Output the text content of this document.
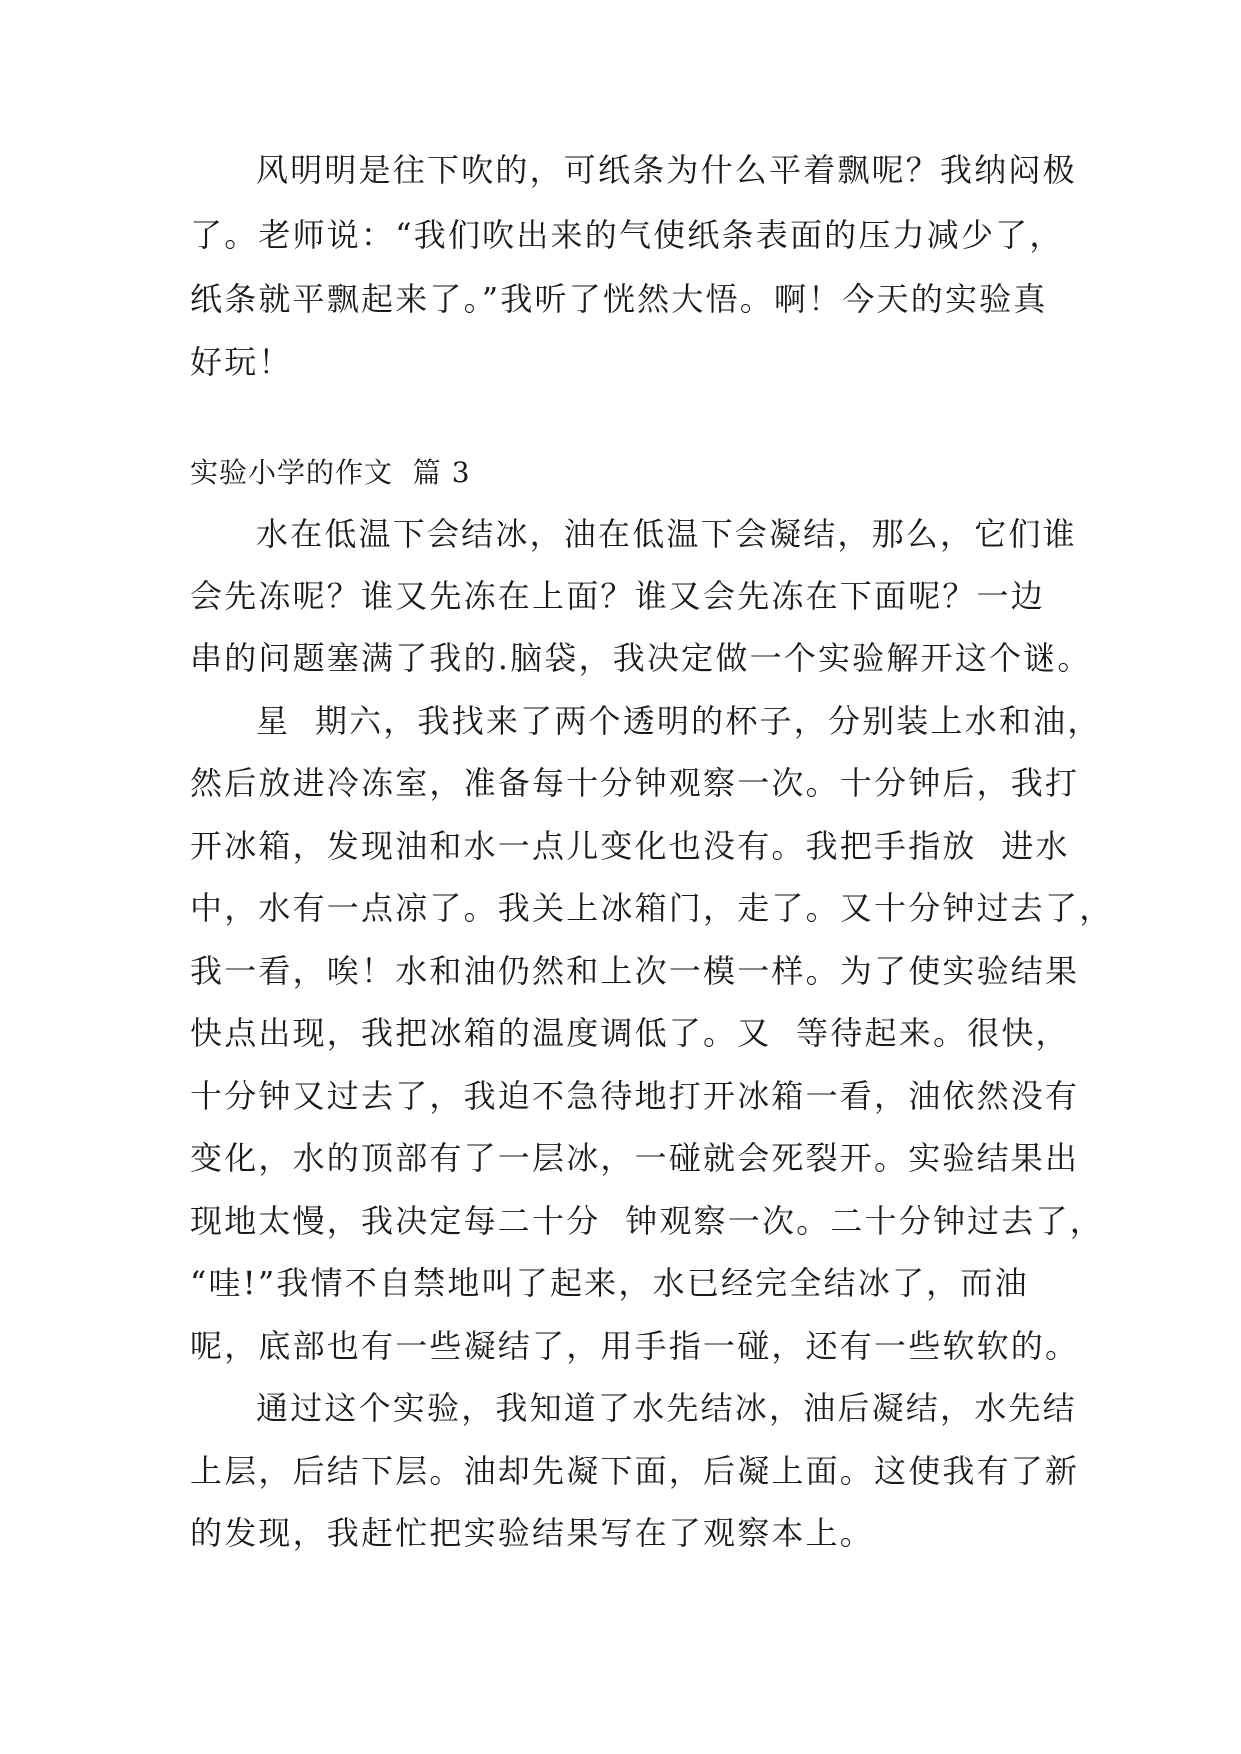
风明明是往下吹的，可纸条为什么平着飘呢？我纳闷极
了。老师说：“我们吹出来的气使纸条表面的压力减少了，
纸条就平飘起来了。”我听了恍然大悟。啊！今天的实验真
好玩！
实验小学的作文  篇 3
水在低温下会结冰，油在低温下会凝结，那么，它们谁
会先冻呢？谁又先冻在上面？谁又会先冻在下面呢？一边
串的问题塞满了我的.脑袋，我决定做一个实验解开这个谜。
星  期六，我找来了两个透明的杯子，分别装上水和油，
然后放进冷冻室，准备每十分钟观察一次。十分钟后，我打
开冰箱，发现油和水一点儿变化也没有。我把手指放  进水
中，水有一点凉了。我关上冰箱门，走了。又十分钟过去了，
我一看，唉！水和油仍然和上次一模一样。为了使实验结果
快点出现，我把冰箱的温度调低了。又  等待起来。很快，
十分钟又过去了，我迫不急待地打开冰箱一看，油依然没有
变化，水的顶部有了一层冰，一碰就会死裂开。实验结果出
现地太慢，我决定每二十分  钟观察一次。二十分钟过去了，
“哇!”我情不自禁地叫了起来，水已经完全结冰了，而油
呢，底部也有一些凝结了，用手指一碰，还有一些软软的。
通过这个实验，我知道了水先结冰，油后凝结，水先结
上层，后结下层。油却先凝下面，后凝上面。这使我有了新
的发现，我赶忙把实验结果写在了观察本上。
